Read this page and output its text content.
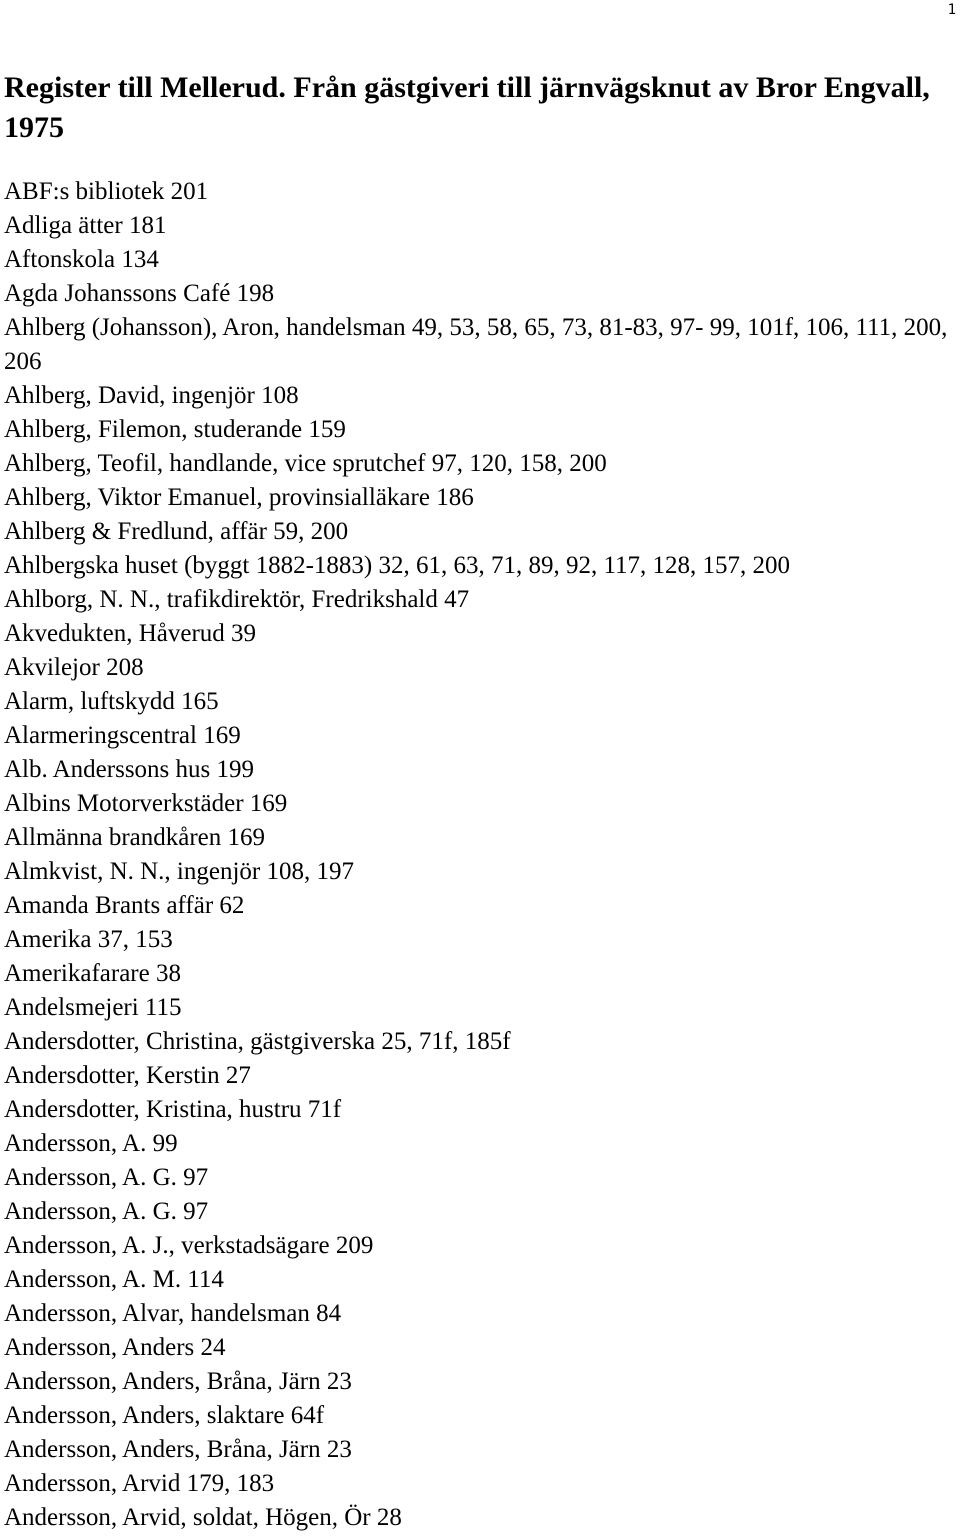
1
Register till Mellerud. Från gästgiveri till järnvägsknut av Bror Engvall, 1975
ABF:s bibliotek 201
Adliga ätter 181
Aftonskola 134
Agda Johanssons Café 198
Ahlberg (Johansson), Aron, handelsman 49, 53, 58, 65, 73, 81-83, 97- 99, 101f, 106, 111, 200, 206
Ahlberg, David, ingenjör 108
Ahlberg, Filemon, studerande 159
Ahlberg, Teofil, handlande, vice sprutchef 97, 120, 158, 200
Ahlberg, Viktor Emanuel, provinsialläkare 186
Ahlberg & Fredlund, affär 59, 200
Ahlbergska huset (byggt 1882-1883) 32, 61, 63, 71, 89, 92, 117, 128, 157, 200
Ahlborg, N. N., trafikdirektör, Fredrikshald 47
Akvedukten, Håverud 39
Akvilejor 208
Alarm, luftskydd 165
Alarmeringscentral 169
Alb. Anderssons hus 199
Albins Motorverkstäder 169
Allmänna brandkåren 169
Almkvist, N. N., ingenjör 108, 197
Amanda Brants affär 62
Amerika 37, 153
Amerikafarare 38
Andelsmejeri 115
Andersdotter, Christina, gästgiverska 25, 71f, 185f
Andersdotter, Kerstin 27
Andersdotter, Kristina, hustru 71f
Andersson, A. 99
Andersson, A. G. 97
Andersson, A. G. 97
Andersson, A. J., verkstadsägare 209
Andersson, A. M. 114
Andersson, Alvar, handelsman 84
Andersson, Anders 24
Andersson, Anders, Bråna, Järn 23
Andersson, Anders, slaktare 64f
Andersson, Anders, Bråna, Järn 23
Andersson, Arvid 179, 183
Andersson, Arvid, soldat, Högen, Ör 28
